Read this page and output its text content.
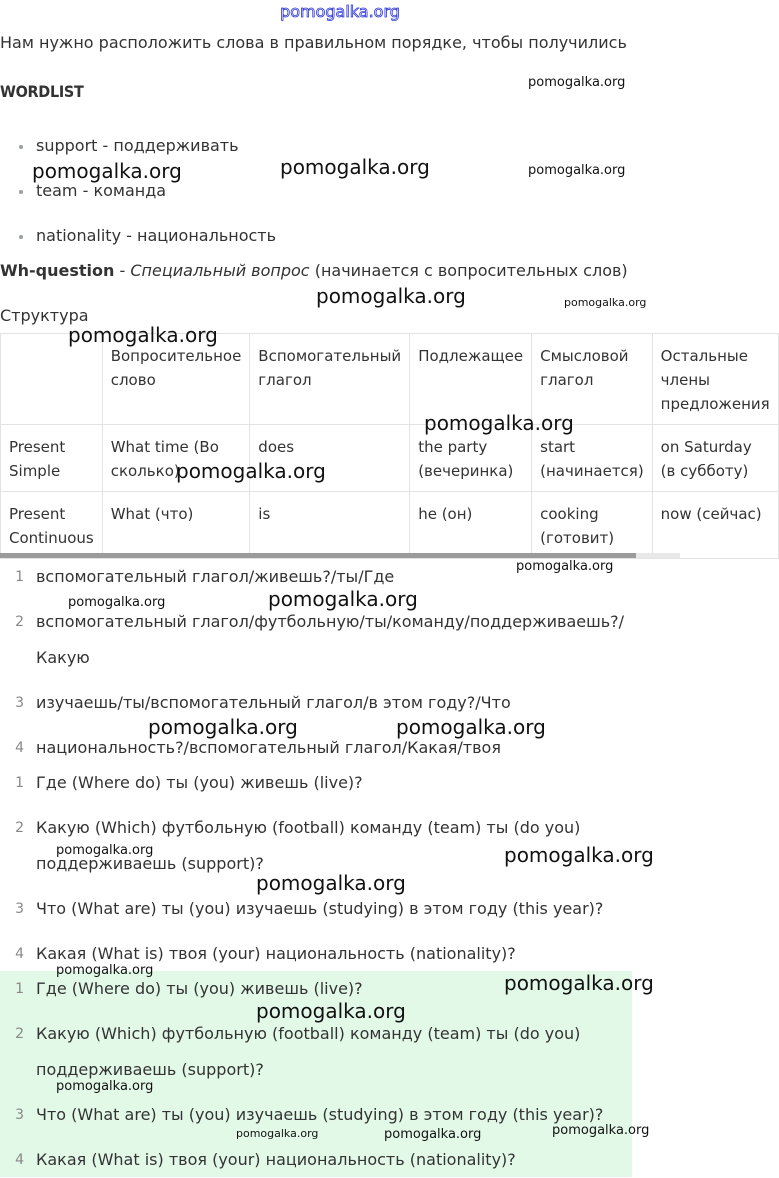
pomogalka.org
Нам нужно расположить слова в правильном порядке, чтобы получились
WORDLIST
support - поддерживать
team - команда
nationality - национальность
Wh-question - Специальный вопрос (начинается с вопросительных слов)
Структура
	Вопросительное слово	Вспомогательный глагол	Подлежащее	Смысловой глагол	Остальные члены предложения
Present Simple	What time (Во сколько)	does	the party (вечеринка)	start (начинается)	on Saturday (в субботу)
Present Continuous	What (что)	is	he (он)	cooking (готовит)	now (сейчас)
1 вспомогательный глагол/живешь?/ты/Где
2 вспомогательный глагол/футбольную/ты/команду/поддерживаешь?/
Какую
3 изучаешь/ты/вспомогательный глагол/в этом году?/Что
4 национальность?/вспомогательный глагол/Какая/твоя
1 Где (Where do) ты (you) живешь (live)?
2 Какую (Which) футбольную (football) команду (team) ты (do you)
поддерживаешь (support)?
3 Что (What are) ты (you) изучаешь (studying) в этом году (this year)?
4 Какая (What is) твоя (your) национальность (nationality)?
1 Где (Where do) ты (you) живешь (live)?
2 Какую (Which) футбольную (football) команду (team) ты (do you)
поддерживаешь (support)?
3 Что (What are) ты (you) изучаешь (studying) в этом году (this year)?
4 Какая (What is) твоя (your) национальность (nationality)?
pomogalka.org
pomogalka.org	pomogalka.org	pomogalka.org
pomogalka.org	pomogalka.org
pomogalka.org
pomogalka.org
pomogalka.org
pomogalka.org
pomogalka.org	pomogalka.org
pomogalka.org	pomogalka.org
pomogalka.org	pomogalka.org
pomogalka.org
pomogalka.org
pomogalka.org
pomogalka.org
pomogalka.org
pomogalka.org	pomogalka.org	pomogalka.org
